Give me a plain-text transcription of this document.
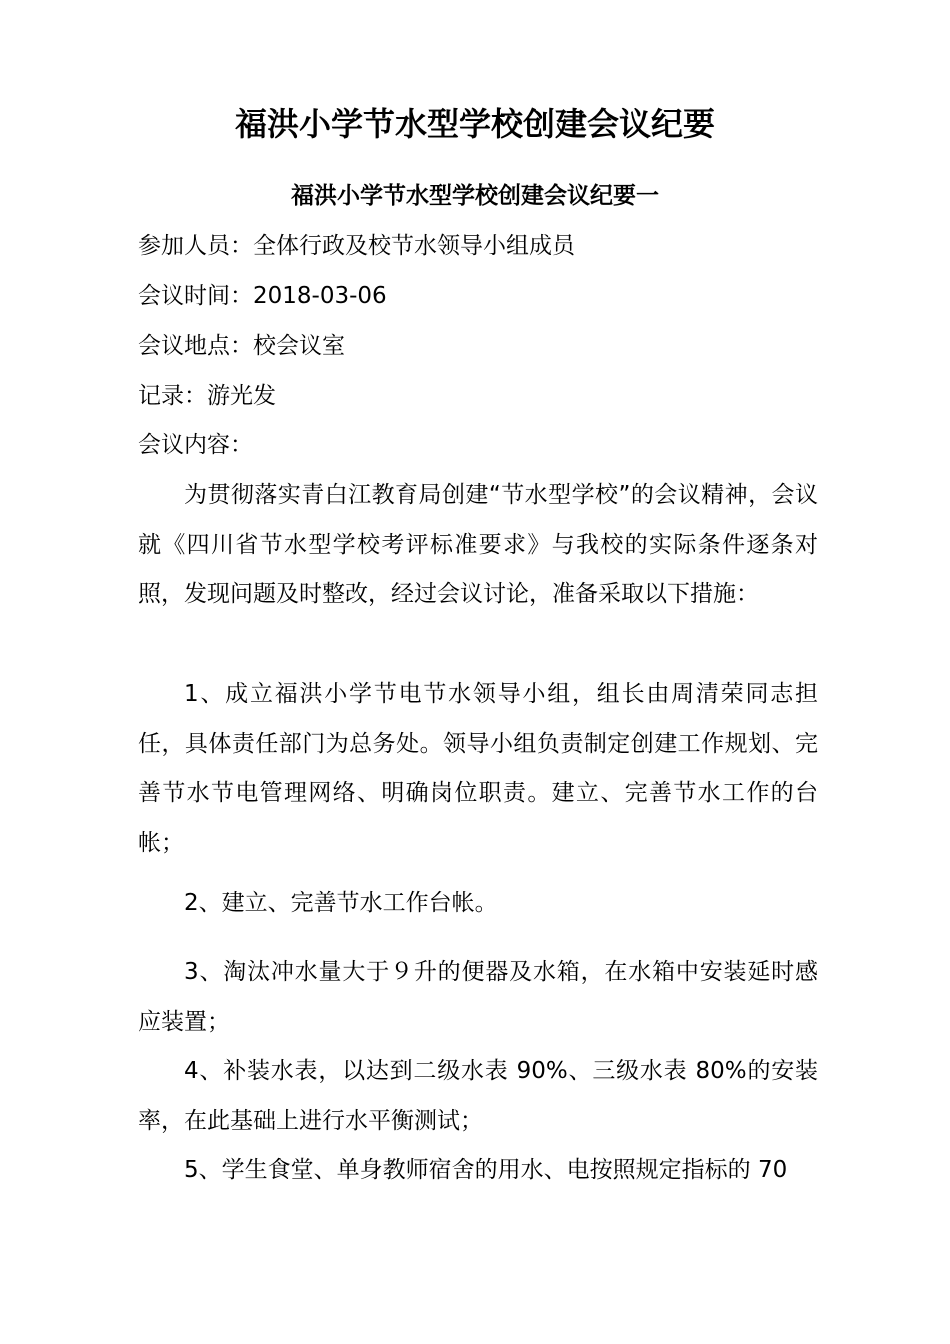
福洪小学节水型学校创建会议纪要
福洪小学节水型学校创建会议纪要一
参加人员：全体行政及校节水领导小组成员
会议时间：2018-03-06
会议地点：校会议室
记录：游光发
会议内容：

为贯彻落实青白江教育局创建“节水型学校”的会议精神，会议就《四川省节水型学校考评标准要求》与我校的实际条件逐条对照，发现问题及时整改，经过会议讨论，准备采取以下措施：

1、成立福洪小学节电节水领导小组，组长由周清荣同志担任，具体责任部门为总务处。领导小组负责制定创建工作规划、完善节水节电管理网络、明确岗位职责。建立、完善节水工作的台帐；

2、建立、完善节水工作台帐。

3、淘汰冲水量大于９升的便器及水箱，在水箱中安装延时感应装置；

4、补装水表，以达到二级水表 90%、三级水表 80%的安装率，在此基础上进行水平衡测试；

5、学生食堂、单身教师宿舍的用水、电按照规定指标的 70
